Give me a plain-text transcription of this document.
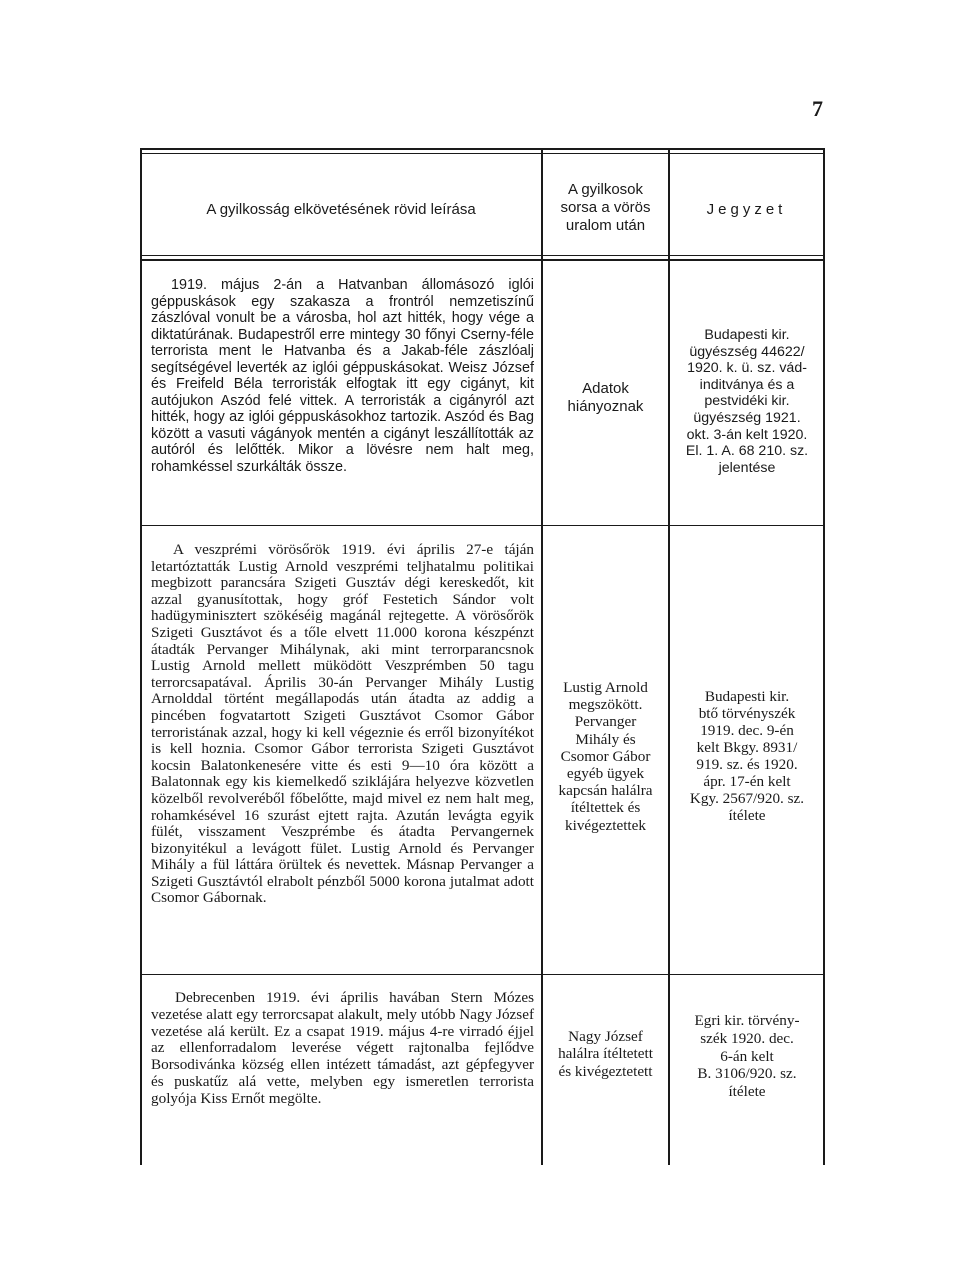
7
A gyilkosság elkövetésének rövid leírása
A gyilkosok
sorsa a vörös
uralom után
Jegyzet
1919. május 2-án a Hatvanban állomásozó iglói géppuskások egy szakasza a frontról nemzetiszínű zászlóval vonult be a városba, hol azt hitték, hogy vége a diktatúrának. Budapestről erre mintegy 30 főnyi Cserny-féle terrorista ment le Hatvanba és a Jakab-féle zászlóalj segítségével leverték az iglói géppuskásokat. Weisz József és Freifeld Béla terroristák elfogtak itt egy cigányt, kit autójukon Aszód felé vittek. A terroristák a cigányról azt hitték, hogy az iglói géppuskásokhoz tartozik. Aszód és Bag között a vasuti vágányok mentén a cigányt leszállították az autóról és lelőtték. Mikor a lövésre nem halt meg, rohamkéssel szurkálták össze.
Adatok
hiányoznak
Budapesti kir.
ügyészség 44622/
1920. k. ü. sz. vád-
inditványa és a
pestvidéki kir.
ügyészség 1921.
okt. 3-án kelt 1920.
El. 1. A. 68 210. sz.
jelentése
A veszprémi vörösőrök 1919. évi április 27-e táján letartóztatták Lustig Arnold veszprémi teljhatalmu politikai megbizott parancsára Szigeti Gusztáv dégi kereskedőt, kit azzal gyanusítottak, hogy gróf Festetich Sándor volt hadügyminisztert szökéséig magánál rejtegette. A vörösőrök Szigeti Gusztávot és a tőle elvett 11.000 korona készpénzt átadták Pervanger Mihálynak, aki mint terrorparancsnok Lustig Arnold mellett müködött Veszprémben 50 tagu terrorcsapatával. Április 30-án Pervanger Mihály Lustig Arnolddal történt megállapodás után átadta az addig a pincében fogvatartott Szigeti Gusztávot Csomor Gábor terroristának azzal, hogy ki kell végeznie és erről bizonyítékot is kell hoznia. Csomor Gábor terrorista Szigeti Gusztávot kocsin Balatonkenesére vitte és esti 9—10 óra között a Balatonnak egy kis kiemelkedő sziklájára helyezve közvetlen közelből revolveréből főbelőtte, majd mivel ez nem halt meg, rohamkésével 16 szurást ejtett rajta. Azután levágta egyik fülét, visszament Veszprémbe és átadta Pervangernek bizonyitékul a levágott fület. Lustig Arnold és Pervanger Mihály a fül láttára örültek és nevettek. Másnap Pervanger a Szigeti Gusztávtól elrabolt pénzből 5000 korona jutalmat adott Csomor Gábornak.
Lustig Arnold
megszökött.
Pervanger
Mihály és
Csomor Gábor
egyéb ügyek
kapcsán halálra
ítéltettek és
kivégeztettek
Budapesti kir.
btő törvényszék
1919. dec. 9-én
kelt Bkgy. 8931/
919. sz. és 1920.
ápr. 17-én kelt
Kgy. 2567/920. sz.
ítélete
Debrecenben 1919. évi április havában Stern Mózes vezetése alatt egy terrorcsapat alakult, mely utóbb Nagy József vezetése alá került. Ez a csapat 1919. május 4-re virradó éjjel az ellenforradalom leverése végett rajtonalba fejlődve Borsodivánka község ellen intézett támadást, azt gépfegyver és puskatűz alá vette, melyben egy ismeretlen terrorista golyója Kiss Ernőt megölte.
Nagy József
halálra ítéltetett
és kivégeztetett
Egri kir. törvény-
szék 1920. dec.
6-án kelt
B. 3106/920. sz.
ítélete
